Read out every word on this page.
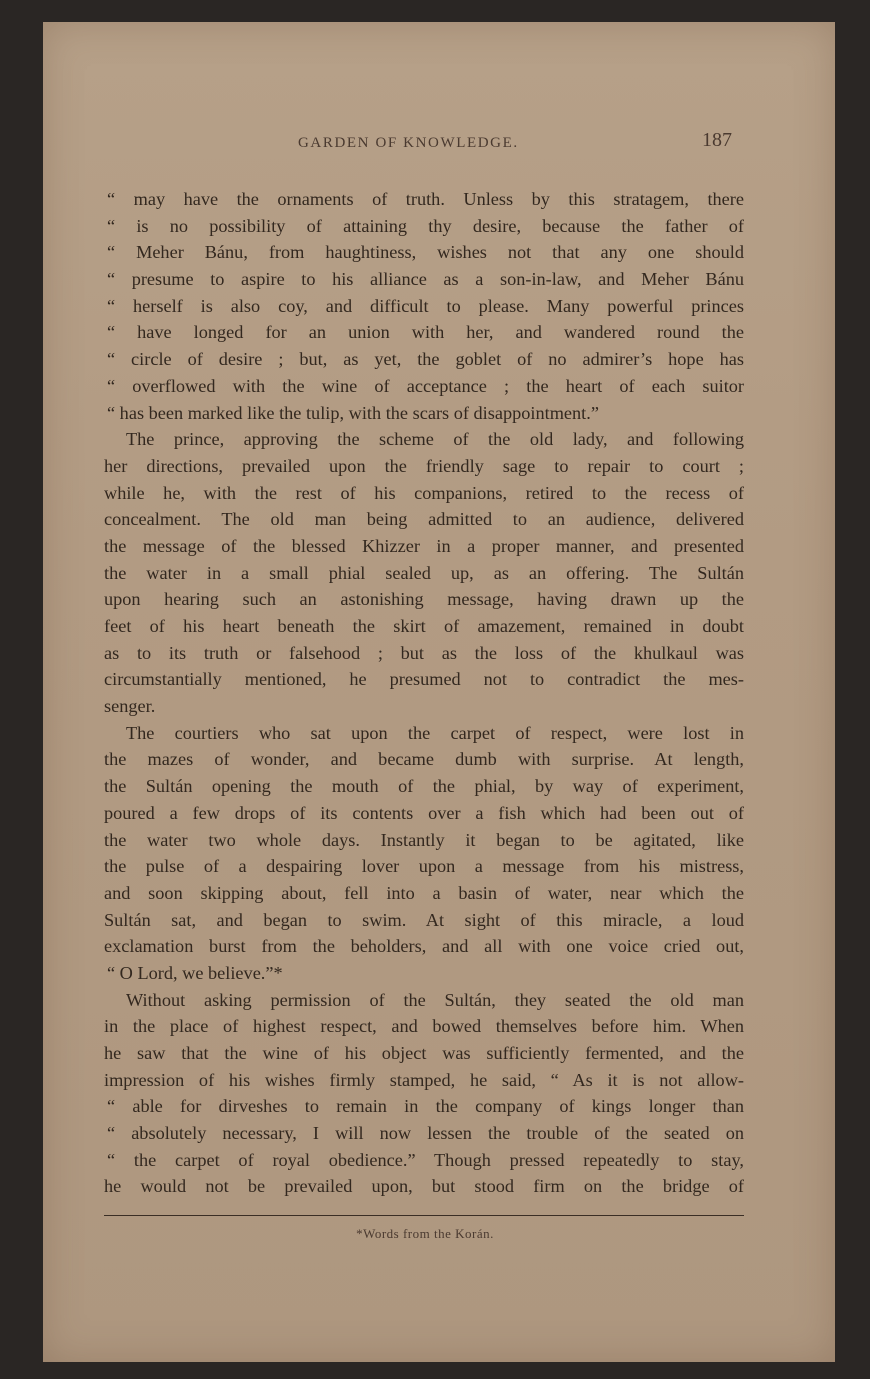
GARDEN OF KNOWLEDGE.	187
“ may have the ornaments of truth. Unless by this stratagem, there
“ is no possibility of attaining thy desire, because the father of
“ Meher Bánu, from haughtiness, wishes not that any one should
“ presume to aspire to his alliance as a son-in-law, and Meher Bánu
“ herself is also coy, and difficult to please. Many powerful princes
“ have longed for an union with her, and wandered round the
“ circle of desire ; but, as yet, the goblet of no admirer’s hope has
“ overflowed with the wine of acceptance ; the heart of each suitor
“ has been marked like the tulip, with the scars of disappointment.”
The prince, approving the scheme of the old lady, and following
her directions, prevailed upon the friendly sage to repair to court ;
while he, with the rest of his companions, retired to the recess of
concealment. The old man being admitted to an audience, delivered
the message of the blessed Khizzer in a proper manner, and presented
the water in a small phial sealed up, as an offering. The Sultán
upon hearing such an astonishing message, having drawn up the
feet of his heart beneath the skirt of amazement, remained in doubt
as to its truth or falsehood ; but as the loss of the khulkaul was
circumstantially mentioned, he presumed not to contradict the mes-
senger.
The courtiers who sat upon the carpet of respect, were lost in
the mazes of wonder, and became dumb with surprise. At length,
the Sultán opening the mouth of the phial, by way of experiment,
poured a few drops of its contents over a fish which had been out of
the water two whole days. Instantly it began to be agitated, like
the pulse of a despairing lover upon a message from his mistress,
and soon skipping about, fell into a basin of water, near which the
Sultán sat, and began to swim. At sight of this miracle, a loud
exclamation burst from the beholders, and all with one voice cried out,
“ O Lord, we believe.”*
Without asking permission of the Sultán, they seated the old man
in the place of highest respect, and bowed themselves before him. When
he saw that the wine of his object was sufficiently fermented, and the
impression of his wishes firmly stamped, he said, “ As it is not allow-
“ able for dirveshes to remain in the company of kings longer than
“ absolutely necessary, I will now lessen the trouble of the seated on
“ the carpet of royal obedience.” Though pressed repeatedly to stay,
he would not be prevailed upon, but stood firm on the bridge of
*Words from the Korán.
